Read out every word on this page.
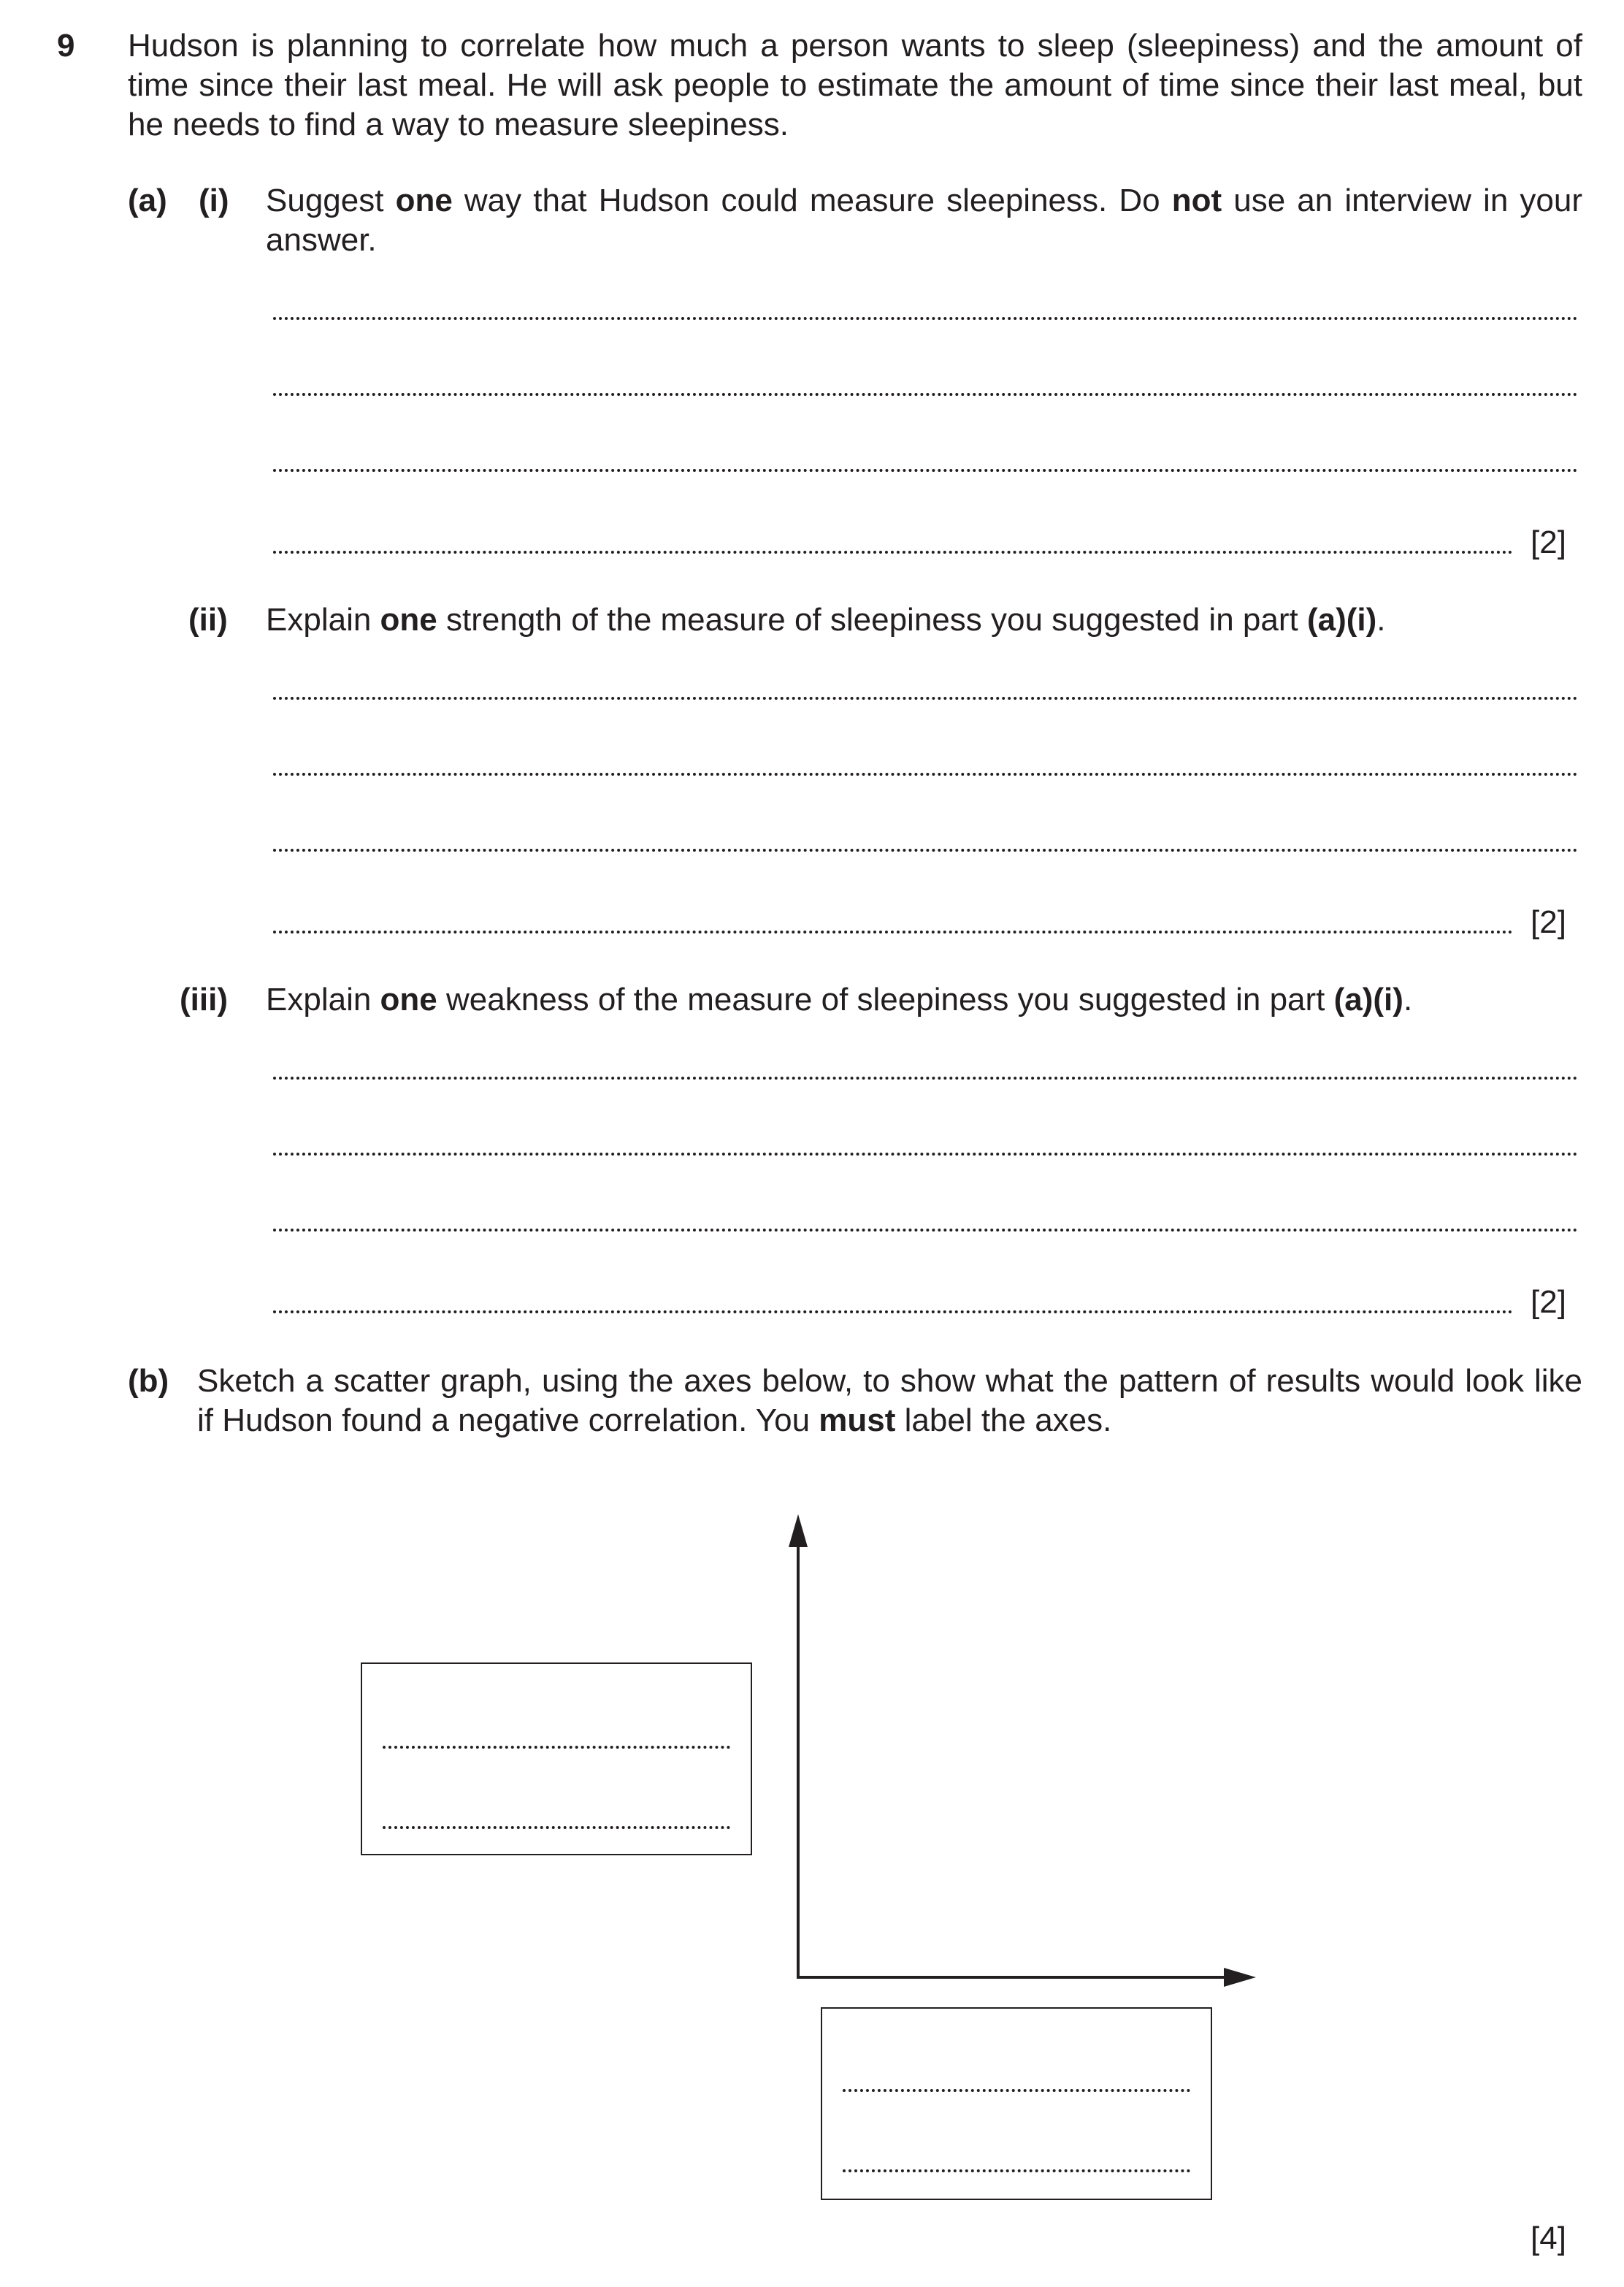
9 Hudson is planning to correlate how much a person wants to sleep (sleepiness) and the amount of time since their last meal. He will ask people to estimate the amount of time since their last meal, but he needs to find a way to measure sleepiness.
(a) (i) Suggest one way that Hudson could measure sleepiness. Do not use an interview in your answer.
[2]
(ii) Explain one strength of the measure of sleepiness you suggested in part (a)(i).
[2]
(iii) Explain one weakness of the measure of sleepiness you suggested in part (a)(i).
[2]
(b) Sketch a scatter graph, using the axes below, to show what the pattern of results would look like if Hudson found a negative correlation. You must label the axes.
[4]
